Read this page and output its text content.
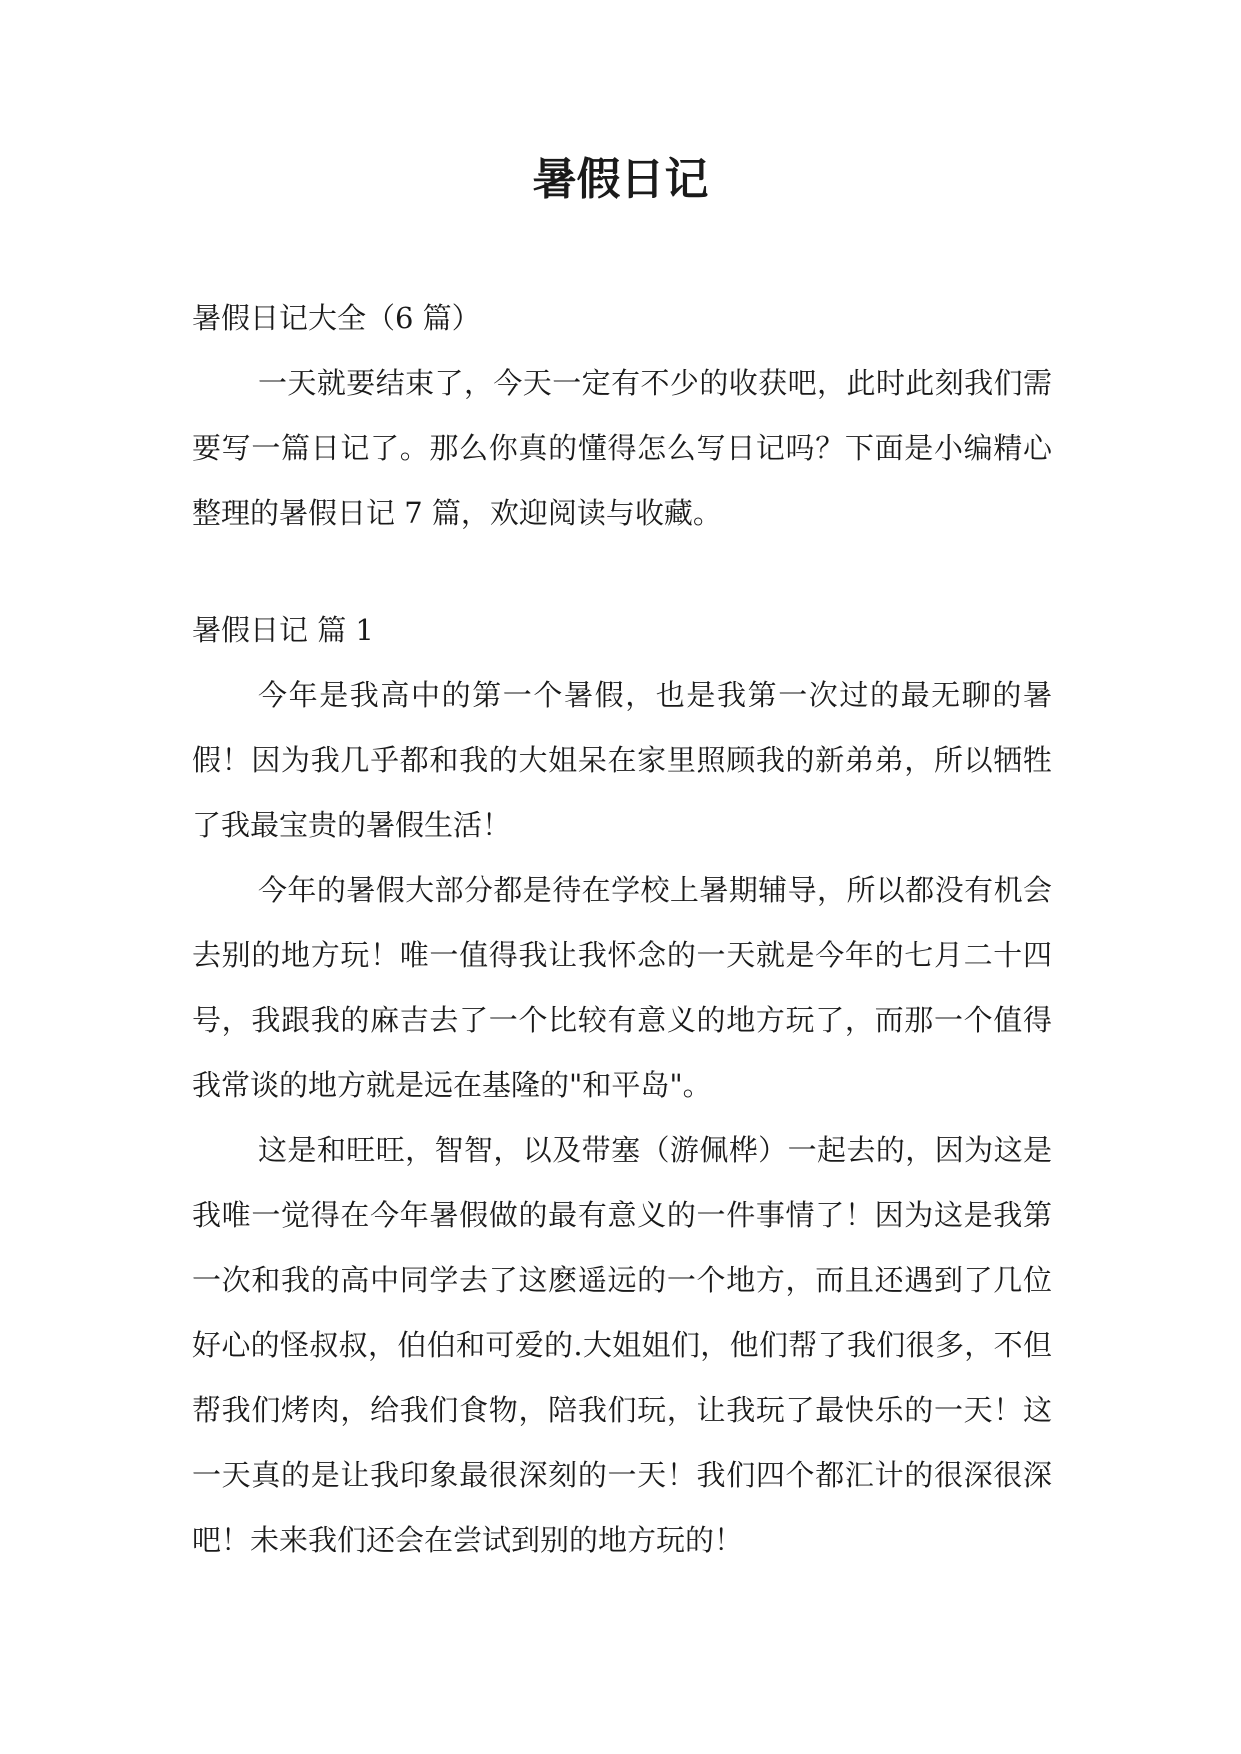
暑假日记

暑假日记大全（6 篇）

一天就要结束了，今天一定有不少的收获吧，此时此刻我们需要写一篇日记了。那么你真的懂得怎么写日记吗？下面是小编精心整理的暑假日记 7 篇，欢迎阅读与收藏。

暑假日记 篇 1

今年是我高中的第一个暑假，也是我第一次过的最无聊的暑假！因为我几乎都和我的大姐呆在家里照顾我的新弟弟，所以牺牲了我最宝贵的暑假生活！

今年的暑假大部分都是待在学校上暑期辅导，所以都没有机会去别的地方玩！唯一值得我让我怀念的一天就是今年的七月二十四号，我跟我的麻吉去了一个比较有意义的地方玩了，而那一个值得我常谈的地方就是远在基隆的"和平岛"。

这是和旺旺，智智，以及带塞（游佩桦）一起去的，因为这是我唯一觉得在今年暑假做的最有意义的一件事情了！因为这是我第一次和我的高中同学去了这麽遥远的一个地方，而且还遇到了几位好心的怪叔叔，伯伯和可爱的.大姐姐们，他们帮了我们很多，不但帮我们烤肉，给我们食物，陪我们玩，让我玩了最快乐的一天！这一天真的是让我印象最很深刻的一天！我们四个都汇计的很深很深吧！未来我们还会在尝试到别的地方玩的！
